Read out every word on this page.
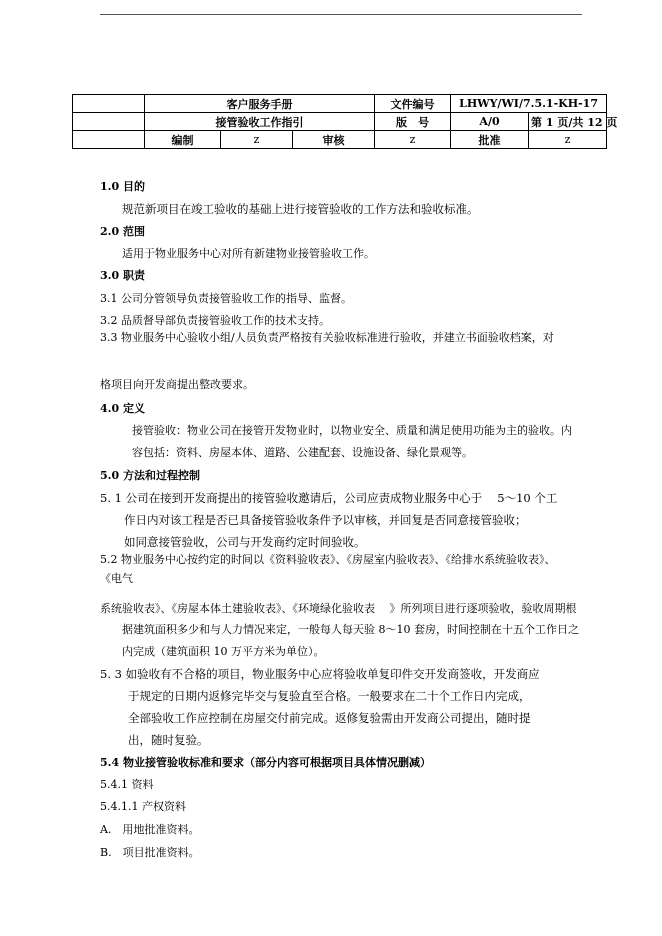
	客户服务手册			文件编号	LHWY/WI/7.5.1-KH-17	
	接管验收工作指引			版　号	A/0	第 1 页/共 12 页
	编制	z	审核	z	批准	z
1.0 目的
规范新项目在竣工验收的基础上进行接管验收的工作方法和验收标准。
2.0 范围
适用于物业服务中心对所有新建物业接管验收工作。
3.0 职责
3.1 公司分管领导负责接管验收工作的指导、监督。
3.2 品质督导部负责接管验收工作的技术支持。
3.3 物业服务中心验收小组/人员负责严格按有关验收标准进行验收，并建立书面验收档案，对
格项目向开发商提出整改要求。
4.0 定义
接管验收：物业公司在接管开发物业时，以物业安全、质量和满足使用功能为主的验收。内
容包括：资料、房屋本体、道路、公建配套、设施设备、绿化景观等。
5.0 方法和过程控制
5. 1 公司在接到开发商提出的接管验收邀请后，公司应责成物业服务中心于　 5～10 个工
作日内对该工程是否已具备接管验收条件予以审核，并回复是否同意接管验收；
如同意接管验收，公司与开发商约定时间验收。
5.2 物业服务中心按约定的时间以《资料验收表》、《房屋室内验收表》、《给排水系统验收表》、
《电气
系统验收表》、《房屋本体土建验收表》、《环境绿化验收表　 》所列项目进行逐项验收，验收周期根
据建筑面积多少和与人力情况来定，一般每人每天验 8～10 套房，时间控制在十五个工作日之
内完成（建筑面积 10 万平方米为单位）。
5. 3 如验收有不合格的项目，物业服务中心应将验收单复印件交开发商签收，开发商应
于规定的日期内返修完毕交与复验直至合格。一般要求在二十个工作日内完成，
全部验收工作应控制在房屋交付前完成。返修复验需由开发商公司提出，随时提
出，随时复验。
5.4 物业接管验收标准和要求（部分内容可根据项目具体情况删减）
5.4.1 资料
5.4.1.1 产权资料
A.　用地批准资料。
B.　项目批准资料。
